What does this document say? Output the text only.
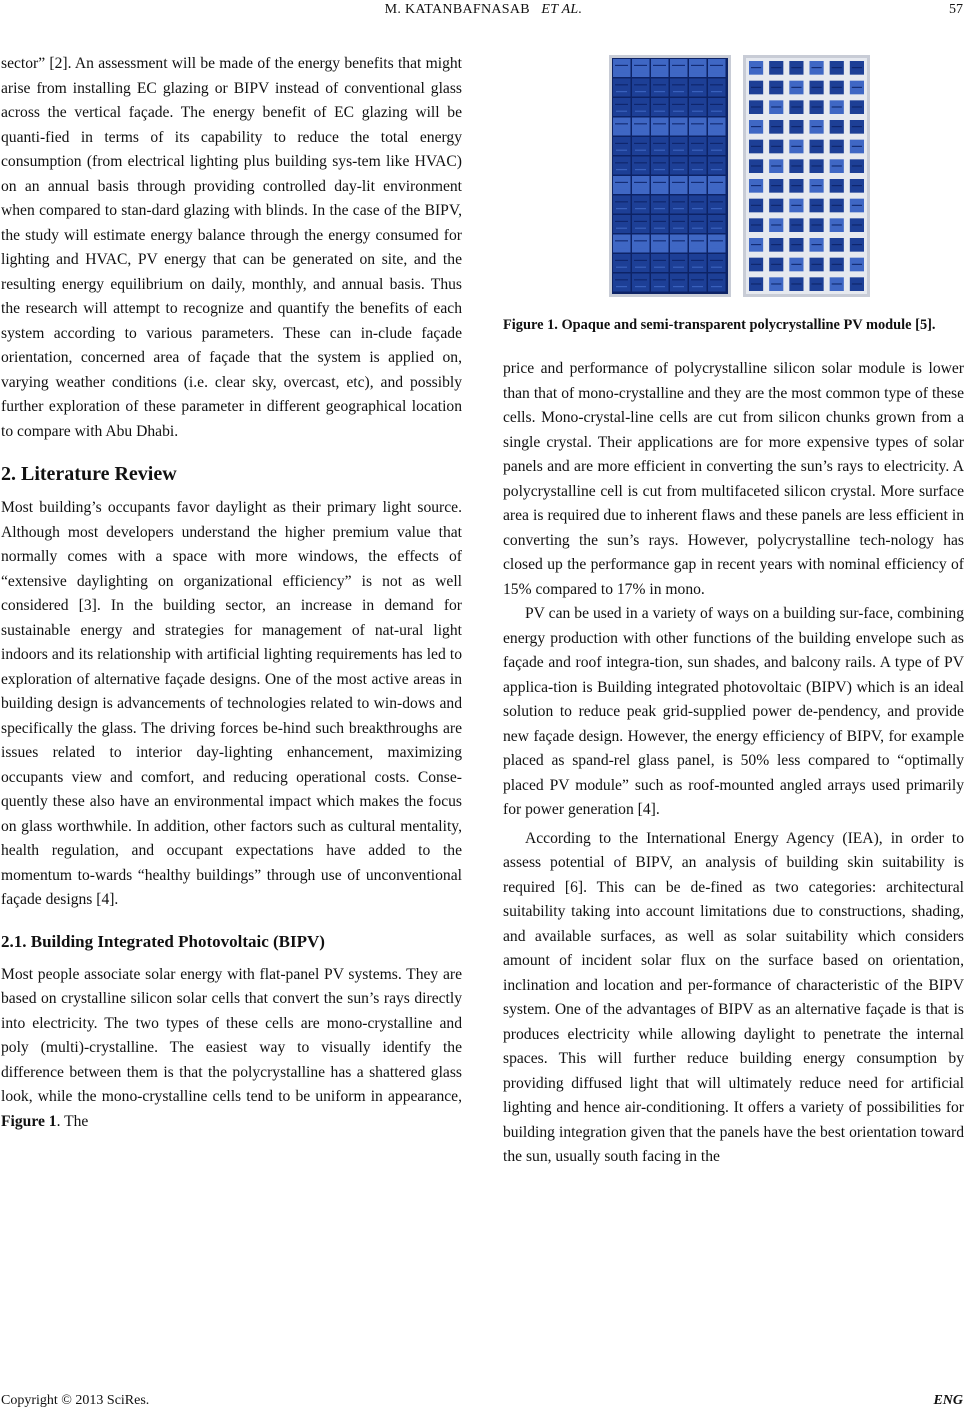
M. KATANBAFNASAB ET AL.	57

sector” [2]. An assessment will be made of the energy benefits that might arise from installing EC glazing or BIPV instead of conventional glass across the vertical façade. The energy benefit of EC glazing will be quanti-fied in terms of its capability to reduce the total energy consumption (from electrical lighting plus building sys-tem like HVAC) on an annual basis through providing controlled day-lit environment when compared to stan-dard glazing with blinds. In the case of the BIPV, the study will estimate energy balance through the energy consumed for lighting and HVAC, PV energy that can be generated on site, and the resulting energy equilibrium on daily, monthly, and annual basis. Thus the research will attempt to recognize and quantify the benefits of each system according to various parameters. These can in-clude façade orientation, concerned area of façade that the system is applied on, varying weather conditions (i.e. clear sky, overcast, etc), and possibly further exploration of these parameter in different geographical location to compare with Abu Dhabi.

2. Literature Review

Most building’s occupants favor daylight as their primary light source. Although most developers understand the higher premium value that normally comes with a space with more windows, the effects of “extensive daylighting on organizational efficiency” is not as well considered [3]. In the building sector, an increase in demand for sustainable energy and strategies for management of nat-ural light indoors and its relationship with artificial lighting requirements has led to exploration of alternative façade designs. One of the most active areas in building design is advancements of technologies related to win-dows and specifically the glass. The driving forces be-hind such breakthroughs are issues related to interior day-lighting enhancement, maximizing occupants view and comfort, and reducing operational costs. Conse-quently these also have an environmental impact which makes the focus on glass worthwhile. In addition, other factors such as cultural mentality, health regulation, and occupant expectations have added to the momentum to-wards “healthy buildings” through use of unconventional façade designs [4].

2.1. Building Integrated Photovoltaic (BIPV)

Most people associate solar energy with flat-panel PV systems. They are based on crystalline silicon solar cells that convert the sun’s rays directly into electricity. The two types of these cells are mono-crystalline and poly (multi)-crystalline. The easiest way to visually identify the difference between them is that the polycrystalline has a shattered glass look, while the mono-crystalline cells tend to be uniform in appearance, Figure 1. The

Figure 1. Opaque and semi-transparent polycrystalline PV module [5].

price and performance of polycrystalline silicon solar module is lower than that of mono-crystalline and they are the most common type of these cells. Mono-crystal-line cells are cut from silicon chunks grown from a single crystal. Their applications are for more expensive types of solar panels and are more efficient in converting the sun’s rays to electricity. A polycrystalline cell is cut from multifaceted silicon crystal. More surface area is required due to inherent flaws and these panels are less efficient in converting the sun’s rays. However, polycrystalline tech-nology has closed up the performance gap in recent years with nominal efficiency of 15% compared to 17% in mono.

PV can be used in a variety of ways on a building sur-face, combining energy production with other functions of the building envelope such as façade and roof integra-tion, sun shades, and balcony rails. A type of PV applica-tion is Building integrated photovoltaic (BIPV) which is an ideal solution to reduce peak grid-supplied power de-pendency, and provide new façade design. However, the energy efficiency of BIPV, for example placed as spand-rel glass panel, is 50% less compared to “optimally placed PV module” such as roof-mounted angled arrays used primarily for power generation [4].

According to the International Energy Agency (IEA), in order to assess potential of BIPV, an analysis of building skin suitability is required [6]. This can be de-fined as two categories: architectural suitability taking into account limitations due to constructions, shading, and available surfaces, as well as solar suitability which considers amount of incident solar flux on the surface based on orientation, inclination and location and per-formance of characteristic of the BIPV system. One of the advantages of BIPV as an alternative façade is that is produces electricity while allowing daylight to penetrate the internal spaces. This will further reduce building energy consumption by providing diffused light that will ultimately reduce need for artificial lighting and hence air-conditioning. It offers a variety of possibilities for building integration given that the panels have the best orientation toward the sun, usually south facing in the

Copyright © 2013 SciRes.	ENG
